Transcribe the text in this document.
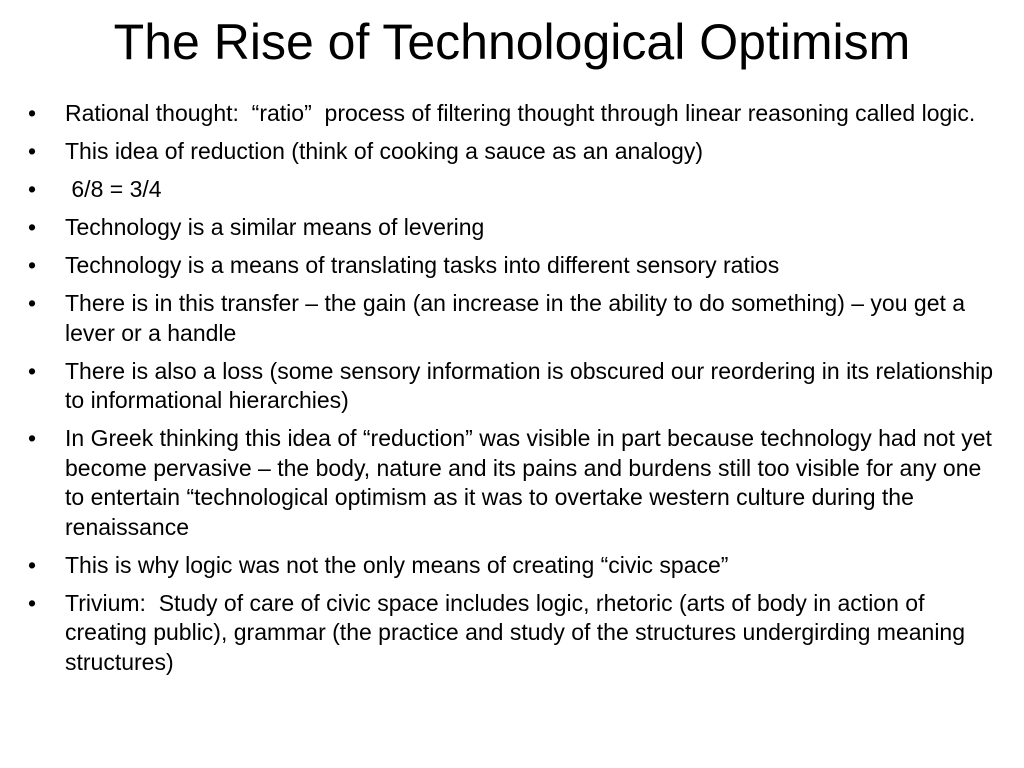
The Rise of Technological Optimism
•	Rational thought:  “ratio”  process of filtering thought through linear reasoning called logic.
•	This idea of reduction (think of cooking a sauce as an analogy)
•	6/8 = 3/4
•	Technology is a similar means of levering
•	Technology is a means of translating tasks into different sensory ratios
•	There is in this transfer – the gain (an increase in the ability to do something) – you get a lever or a handle
•	There is also a loss (some sensory information is obscured our reordering in its relationship to informational hierarchies)
•	In Greek thinking this idea of “reduction” was visible in part because technology had not yet become pervasive – the body, nature and its pains and burdens still too visible for any one to entertain “technological optimism as it was to overtake western culture during the renaissance
•	This is why logic was not the only means of creating “civic space”
•	Trivium:  Study of care of civic space includes logic, rhetoric (arts of body in action of creating public), grammar (the practice and study of the structures undergirding meaning structures)
